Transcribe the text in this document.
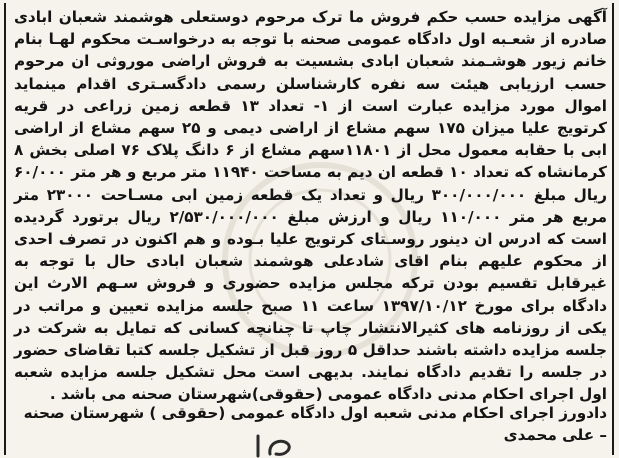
آگهی مزایده حسب حکم فروش ما ترک مرحوم دوستعلی هوشمند شعبان ابادی صادره از شعـبه اول دادگاه عمومی صحنه با توجه به درخواسـت محکوم لهـا بنام خانم زیور هوشـمند شعبان ابادی بشسیت به فروش اراضی موروثی ان مرحوم حسب ارزیابی هیئت سه نفره کارشناسلن رسمی دادگسـتری اقدام مینماید اموال مورد مزایده عبارت است از ۱- تعداد ۱۳ قطعه زمین زراعی در قریه کرتویج علیا میزان ۱۷۵ سهم مشاع از اراضی دیمی و ۲۵ سهم مشاع از اراضی ابی با حقابه معمول محل از ۱۱۸۰۱سهم مشاع از ۶ دانگ پلاک ۷۶ اصلی بخش ۸ کرمانشاه که تعداد ۱۰ قطعه ان دیم به مساحت ۱۱۹۴۰ متر مربع و هر متر ۶۰/۰۰۰ ریال مبلغ ۳۰۰/۰۰۰/۰۰۰ ریال و تعداد یک قطعه زمین ابی مسـاحت ۲۳۰۰۰ متر مربع هر متر ۱۱۰/۰۰۰ ریال و ارزش مبلغ ۲/۵۳۰/۰۰۰/۰۰۰ ریال برتورد گردیده است که ادرس ان دینور روسـتای کرتویج علیا بـوده و هم اکنون در تصرف احدی از محکوم علیهم بنام اقای شادعلی هوشمند شعبان ابادی حال با توجه به غیرقابل تقسیم بودن ترکه مجلس مزایده حضوری و فروش سـهم الارث این دادگاه برای مورخ ۱۳۹۷/۱۰/۱۲ ساعت ۱۱ صبح جلسه مزایده تعیین و مراتب در یکی از روزنامه های کثیرالانتشار چاپ تا چنانچه کسانی که تمایل به شرکت در جلسه مزایده داشته باشند حداقل ۵ روز قبل از تشکیل جلسه کتبا تقاضای حضور در جلسه را تقدیم دادگاه نمایند. بدیهی است محل تشکیل جلسه مزایده شعبه اول اجرای احکام مدنی دادگاه عمومی (حقوقی)شهرستان صحنه می باشد .

دادورز اجرای احکام مدنی شعبه اول دادگاه عمومی (حقوقی ) شهرستان صحنه – علی محمدی
